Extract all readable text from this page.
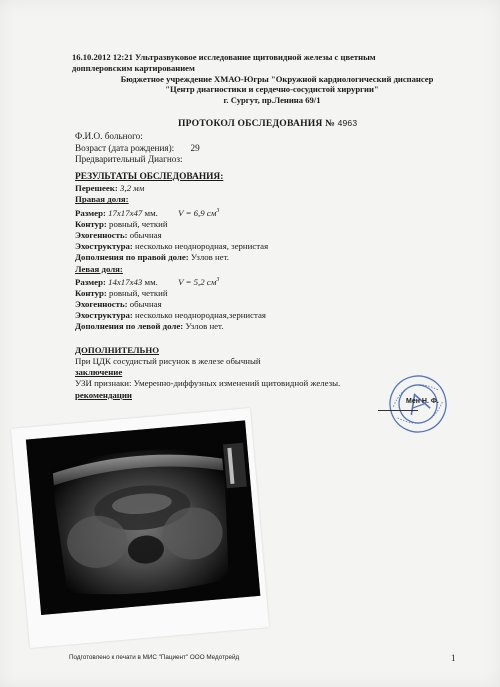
16.10.2012 12:21 Ультразвуковое исследование щитовидной железы с цветным
допплеровским картированием
Бюджетное учреждение ХМАО-Югры "Окружной кардиологический диспансер
"Центр диагностики и сердечно-сосудистой хирургии"
г. Сургут, пр.Ленина 69/1
ПРОТОКОЛ ОБСЛЕДОВАНИЯ № 4963
Ф.И.О. больного:
Возраст (дата рождения): 29
Предварительный Диагноз:
РЕЗУЛЬТАТЫ ОБСЛЕДОВАНИЯ:
Перешеек: 3,2 мм
Правая доля:
Размер: 17х17х47 мм. V = 6,9 $см^3$
Контур: ровный, четкий
Эхогенность: обычная
Эхоструктура: несколько неоднородная, зернистая
Дополнения по правой доле: Узлов нет.
Левая доля:
Размер: 14х17х43 мм. V = 5,2 $см^3$
Контур: ровный, четкий
Эхогенность: обычная
Эхоструктура: несколько неоднородная,зернистая
Дополнения по левой доле: Узлов нет.
ДОПОЛНИТЕЛЬНО
При ЦДК сосудистый рисунок в железе обычный
заключение
УЗИ признаки: Умеренно-диффузных изменений щитовидной железы.
рекомендации
Мен Н. Ф.
Подготовлено к печати в МИС "Пациент" ООО Медотрейд	1
